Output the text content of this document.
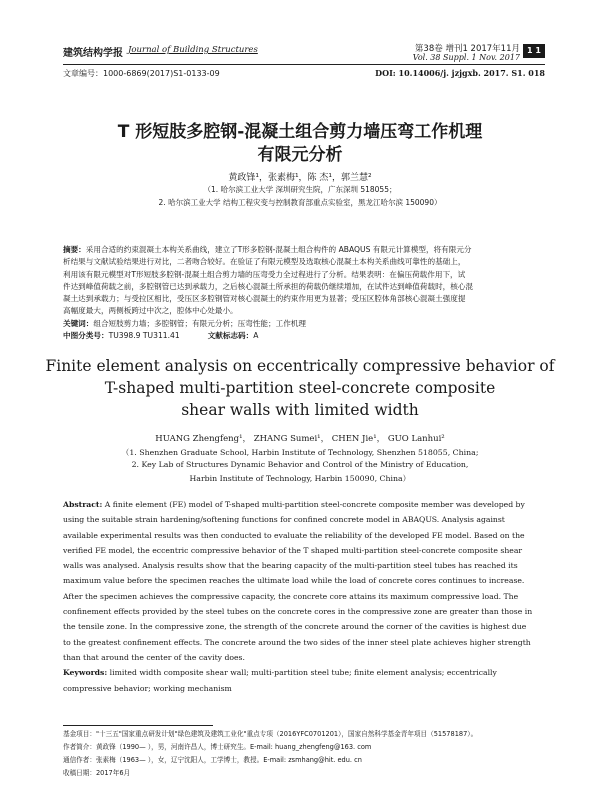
建筑结构学报 Journal of Building Structures	第38卷 增刊1 2017年11月
Vol. 38 Suppl. 1 Nov. 2017
1 1
文章编号：1000-6869(2017)S1-0133-09	DOI: 10.14006/j. jzjgxb. 2017. S1. 018
T 形短肢多腔钢-混凝土组合剪力墙压弯工作机理
有限元分析
黄政锋¹，张素梅¹，陈 杰¹，郭兰慧²
（1. 哈尔滨工业大学 深圳研究生院，广东深圳 518055；
2. 哈尔滨工业大学 结构工程灾变与控制教育部重点实验室，黑龙江哈尔滨 150090）
摘要：采用合适的约束混凝土本构关系曲线，建立了T形多腔钢-混凝土组合构件的 ABAQUS 有限元计算模型，将有限元分
析结果与文献试验结果进行对比，二者吻合较好。在验证了有限元模型及选取核心混凝土本构关系曲线可靠性的基础上，
利用该有限元模型对T形短肢多腔钢-混凝土组合剪力墙的压弯受力全过程进行了分析。结果表明：在偏压荷载作用下，试
件达到峰值荷载之前，多腔钢管已达到承载力，之后核心混凝土所承担的荷载仍继续增加，在试件达到峰值荷载时，核心混
凝土达到承载力；与受拉区相比，受压区多腔钢管对核心混凝土的约束作用更为显著；受压区腔体角部核心混凝土强度提
高幅度最大，两侧板跨过中次之，腔体中心处最小。
关键词：组合短肢剪力墙；多腔钢管；有限元分析；压弯性能；工作机理
中图分类号：TU398.9 TU311.41	文献标志码：A
Finite element analysis on eccentrically compressive behavior of
T-shaped multi-partition steel-concrete composite
shear walls with limited width
HUANG Zhengfeng¹， ZHANG Sumei¹， CHEN Jie¹， GUO Lanhui²
（1. Shenzhen Graduate School, Harbin Institute of Technology, Shenzhen 518055, China;
2. Key Lab of Structures Dynamic Behavior and Control of the Ministry of Education,
Harbin Institute of Technology, Harbin 150090, China）
Abstract: A finite element (FE) model of T-shaped multi-partition steel-concrete composite member was developed by
using the suitable strain hardening/softening functions for confined concrete model in ABAQUS. Analysis against
available experimental results was then conducted to evaluate the reliability of the developed FE model. Based on the
verified FE model, the eccentric compressive behavior of the T shaped multi-partition steel-concrete composite shear
walls was analysed. Analysis results show that the bearing capacity of the multi-partition steel tubes has reached its
maximum value before the specimen reaches the ultimate load while the load of concrete cores continues to increase.
After the specimen achieves the compressive capacity, the concrete core attains its maximum compressive load. The
confinement effects provided by the steel tubes on the concrete cores in the compressive zone are greater than those in
the tensile zone. In the compressive zone, the strength of the concrete around the corner of the cavities is highest due
to the greatest confinement effects. The concrete around the two sides of the inner steel plate achieves higher strength
than that around the center of the cavity does.
Keywords: limited width composite shear wall; multi-partition steel tube; finite element analysis; eccentrically
compressive behavior; working mechanism
基金项目："十三五"国家重点研发计划"绿色建筑及建筑工业化"重点专项（2016YFC0701201），国家自然科学基金青年项目（51578187）。
作者简介：黄政锋（1990— ），男，河南许昌人，博士研究生。E-mail: huang_zhengfeng@163. com
通信作者：张素梅（1963— ），女，辽宁沈阳人，工学博士，教授。E-mail: zsmhang@hit. edu. cn
收稿日期：2017年6月
